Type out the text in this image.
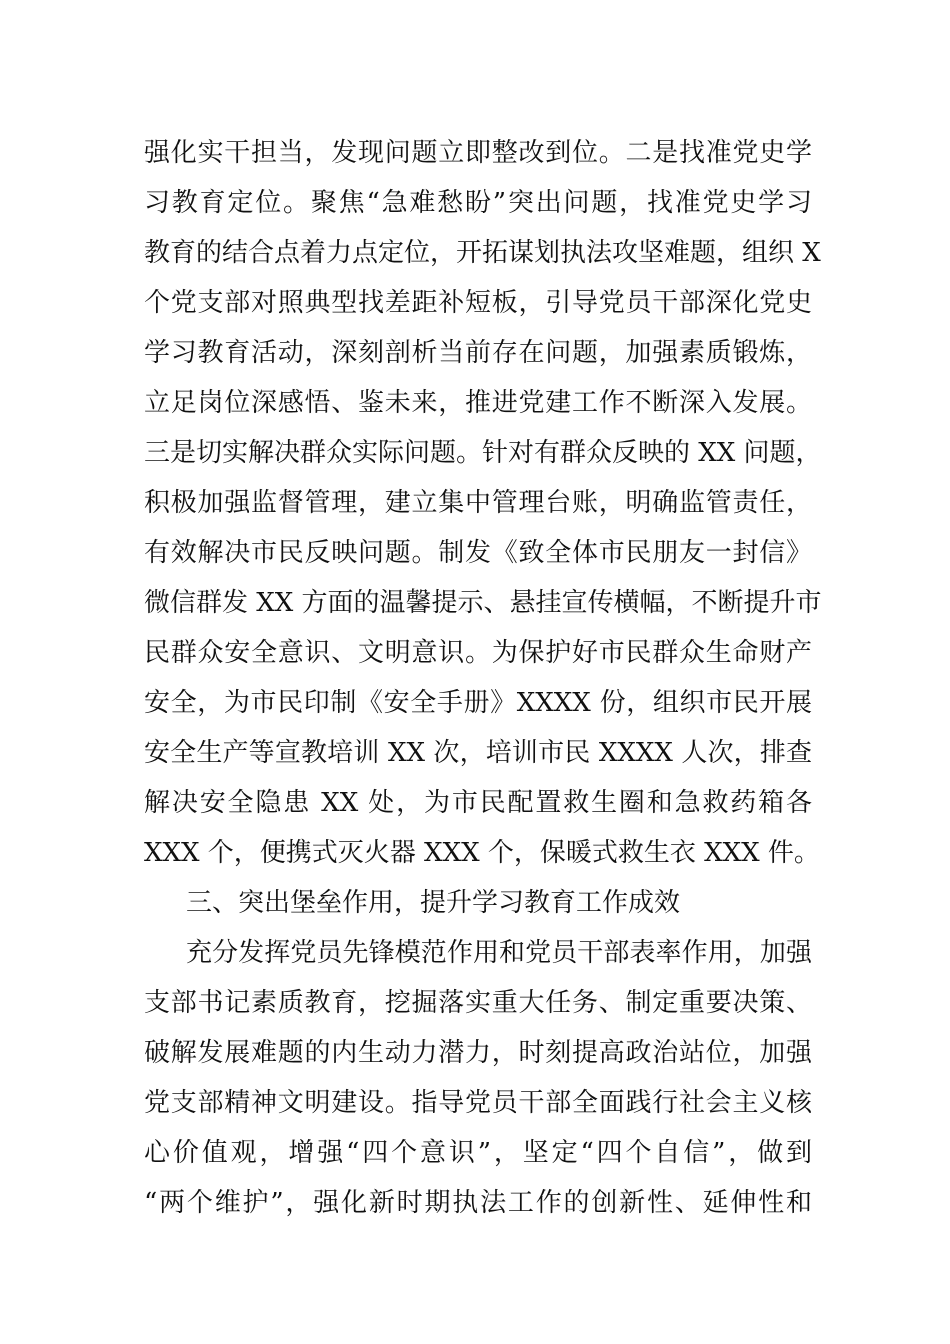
强化实干担当，发现问题立即整改到位。二是找准党史学
习教育定位。聚焦“急难愁盼”突出问题，找准党史学习
教育的结合点着力点定位，开拓谋划执法攻坚难题，组织 X
个党支部对照典型找差距补短板，引导党员干部深化党史
学习教育活动，深刻剖析当前存在问题，加强素质锻炼，
立足岗位深感悟、鉴未来，推进党建工作不断深入发展。
三是切实解决群众实际问题。针对有群众反映的 XX 问题，
积极加强监督管理，建立集中管理台账，明确监管责任，
有效解决市民反映问题。制发《致全体市民朋友一封信》
微信群发 XX 方面的温馨提示、悬挂宣传横幅，不断提升市
民群众安全意识、文明意识。为保护好市民群众生命财产
安全，为市民印制《安全手册》XXXX 份，组织市民开展
安全生产等宣教培训 XX 次，培训市民 XXXX 人次，排查
解决安全隐患 XX 处，为市民配置救生圈和急救药箱各
XXX 个，便携式灭火器 XXX 个，保暖式救生衣 XXX 件。
三、突出堡垒作用，提升学习教育工作成效
充分发挥党员先锋模范作用和党员干部表率作用，加强
支部书记素质教育，挖掘落实重大任务、制定重要决策、
破解发展难题的内生动力潜力，时刻提高政治站位，加强
党支部精神文明建设。指导党员干部全面践行社会主义核
心价值观，增强“四个意识”，坚定“四个自信”，做到
“两个维护”，强化新时期执法工作的创新性、延伸性和
